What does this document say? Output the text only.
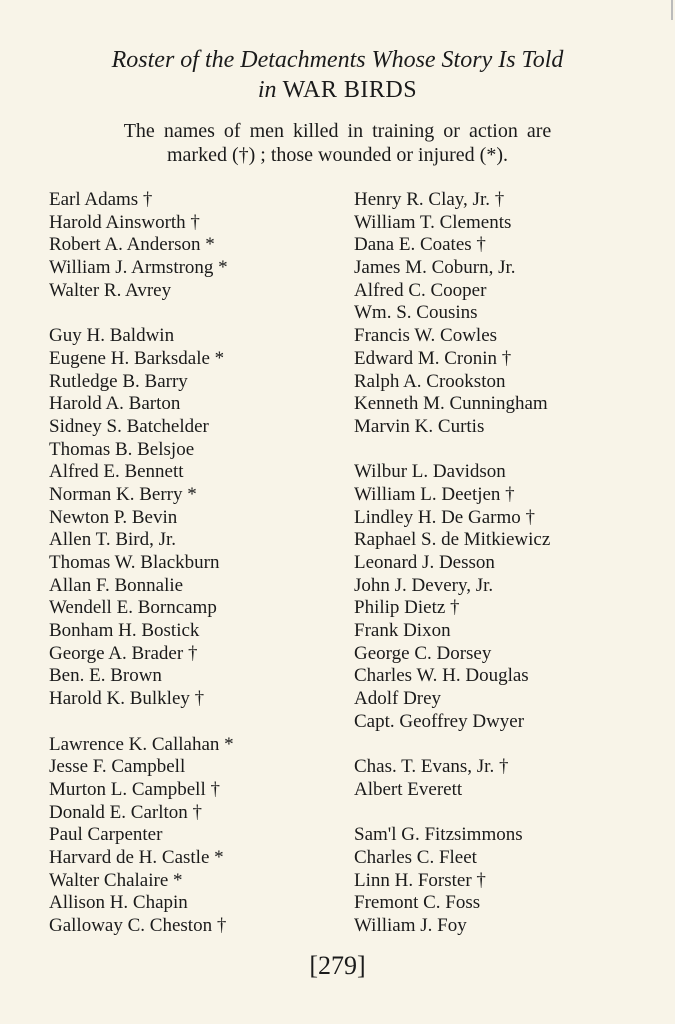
Roster of the Detachments Whose Story Is Told
in WAR BIRDS
The names of men killed in training or action are
marked (†) ; those wounded or injured (*).
Earl Adams †
Harold Ainsworth †
Robert A. Anderson *
William J. Armstrong *
Walter R. Avrey
Guy H. Baldwin
Eugene H. Barksdale *
Rutledge B. Barry
Harold A. Barton
Sidney S. Batchelder
Thomas B. Belsjoe
Alfred E. Bennett
Norman K. Berry *
Newton P. Bevin
Allen T. Bird, Jr.
Thomas W. Blackburn
Allan F. Bonnalie
Wendell E. Borncamp
Bonham H. Bostick
George A. Brader †
Ben. E. Brown
Harold K. Bulkley †
Lawrence K. Callahan *
Jesse F. Campbell
Murton L. Campbell †
Donald E. Carlton †
Paul Carpenter
Harvard de H. Castle *
Walter Chalaire *
Allison H. Chapin
Galloway C. Cheston †
Henry R. Clay, Jr. †
William T. Clements
Dana E. Coates †
James M. Coburn, Jr.
Alfred C. Cooper
Wm. S. Cousins
Francis W. Cowles
Edward M. Cronin †
Ralph A. Crookston
Kenneth M. Cunningham
Marvin K. Curtis
Wilbur L. Davidson
William L. Deetjen †
Lindley H. De Garmo †
Raphael S. de Mitkiewicz
Leonard J. Desson
John J. Devery, Jr.
Philip Dietz †
Frank Dixon
George C. Dorsey
Charles W. H. Douglas
Adolf Drey
Capt. Geoffrey Dwyer
Chas. T. Evans, Jr. †
Albert Everett
Sam'l G. Fitzsimmons
Charles C. Fleet
Linn H. Forster †
Fremont C. Foss
William J. Foy
[279]
